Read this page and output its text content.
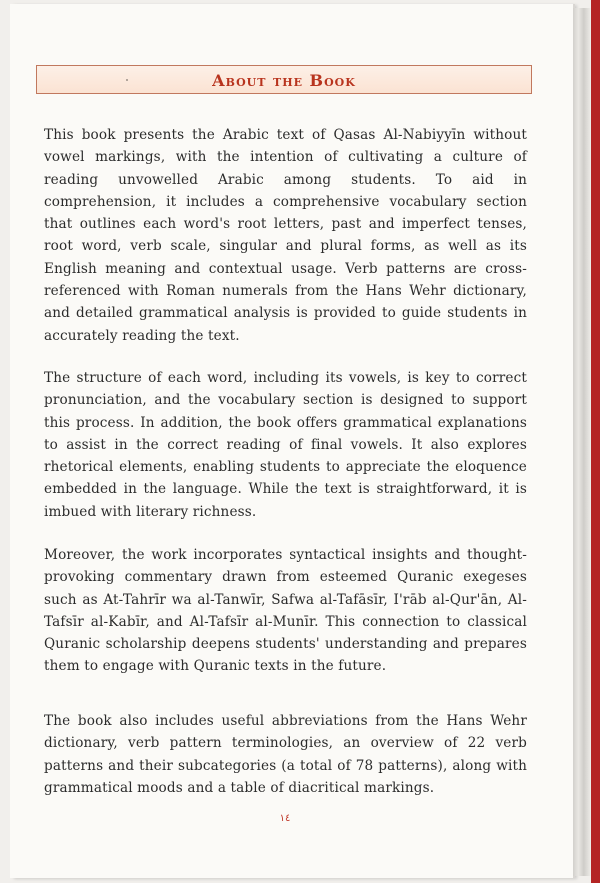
About the Book

This book presents the Arabic text of Qasas Al-Nabiyyīn without vowel markings, with the intention of cultivating a culture of reading unvowelled Arabic among students. To aid in comprehension, it includes a comprehensive vocabulary section that outlines each word's root letters, past and imperfect tenses, root word, verb scale, singular and plural forms, as well as its English meaning and contextual usage. Verb patterns are cross-referenced with Roman numerals from the Hans Wehr dictionary, and detailed grammatical analysis is provided to guide students in accurately reading the text.

The structure of each word, including its vowels, is key to correct pronunciation, and the vocabulary section is designed to support this process. In addition, the book offers grammatical explanations to assist in the correct reading of final vowels. It also explores rhetorical elements, enabling students to appreciate the eloquence embedded in the language. While the text is straightforward, it is imbued with literary richness.

Moreover, the work incorporates syntactical insights and thought-provoking commentary drawn from esteemed Quranic exegeses such as At-Tahrīr wa al-Tanwīr, Safwa al-Tafāsīr, I'rāb al-Qur'ān, Al-Tafsīr al-Kabīr, and Al-Tafsīr al-Munīr. This connection to classical Quranic scholarship deepens students' understanding and prepares them to engage with Quranic texts in the future.

The book also includes useful abbreviations from the Hans Wehr dictionary, verb pattern terminologies, an overview of 22 verb patterns and their subcategories (a total of 78 patterns), along with grammatical moods and a table of diacritical markings.

١٤
